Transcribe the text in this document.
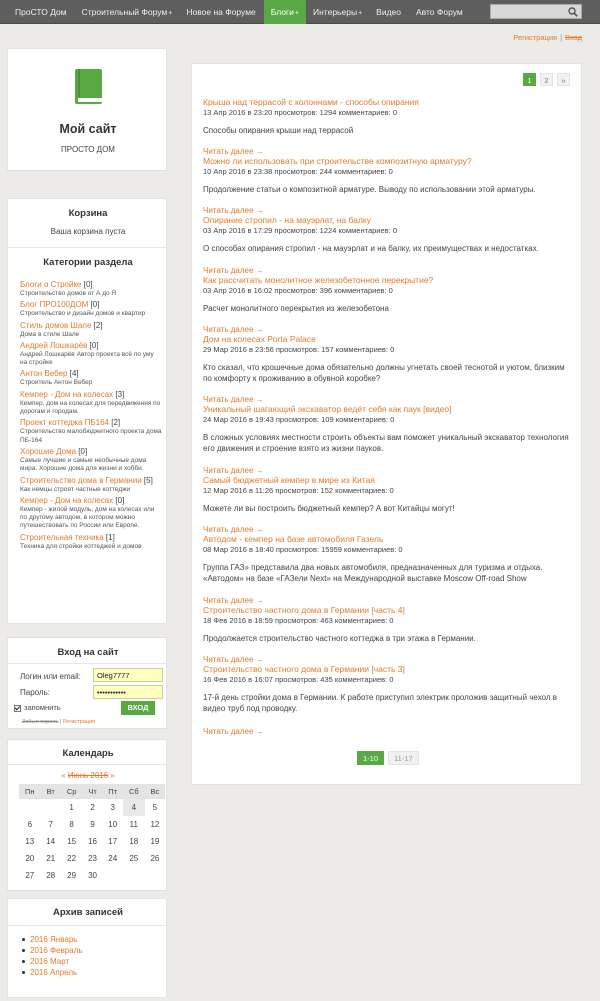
ПроСТО Дом	Строительный Форум+	Новое на Форуме	Блоги+	Интерьеры+	Видео	Авто Форум
Регистрация | Вход
Мой сайт
ПРОСТО ДОМ
Корзина
Ваша корзина пуста
Категории раздела
Блоги о Стройке [0]
Строительство домов от А до Я
Блог ПРО100ДОМ [0]
Строительство и дизайн домов и квартир
Стиль домов Шале [2]
Дома в стиле Шале
Андрей Лошкарёв [0]
Андрей Лошкарёв Автор проекта всё по уму на стройке
Антон Вебер [4]
Строитель Антон Вебер
Кемпер - Дом на колесах [3]
Кемпер, дом на колесах для передвижения по дорогам и городам.
Проект коттеджа ПБ164 [2]
Строительство малобюджетного проекта дома ПБ-164
Хорошие Дома [0]
Самые лучшие и самые необычные дома мира. Хорошие дома для жизни и хобби.
Строительство дома в Германии [5]
Как немцы строят частные коттеджи
Кемпер - Дом на колесах [0]
Кемпер - жилой модуль, дом на колесах или по другому автодом, в котором можно путешествовать по России или Европе.
Строительная техника [1]
Техника для стройки коттеджей и домов
Вход на сайт
Логин или email:
Oleg7777
Пароль:
•••••••••••
запомнить	ВХОД
Забыл пароль | Регистрация
Календарь
« Июнь 2016 »
Пн	Вт	Ср	Чт	Пт	Сб	Вс
		1	2	3	4	5
6	7	8	9	10	11	12
13	14	15	16	17	18	19
20	21	22	23	24	25	26
27	28	29	30			
Архив записей
2016 Январь
2016 Февраль
2016 Март
2016 Апрель
1	2	»
Крыша над террасой с колоннами - способы опирания
13 Апр 2016 в 23:20 просмотров: 1294 комментариев: 0
Способы опирания крыши над террасой
Читать далее →
Можно ли использовать при строительстве композитную арматуру?
10 Апр 2016 в 23:38 просмотров: 244 комментариев: 0
Продолжение статьи о композитной арматуре. Выводу по использовании этой арматуры.
Читать далее →
Опирание стропил - на мауэрлат, на балку
03 Апр 2016 в 17:29 просмотров: 1224 комментариев: 0
О способах опирания стропил - на мауэрлат и на балку, их преимуществах и недостатках.
Читать далее →
Как рассчитать монолитное железобетонное перекрытие?
03 Апр 2016 в 16:02 просмотров: 396 комментариев: 0
Расчет монолитного перекрытия из железобетона
Читать далее →
Дом на колесах Porta Palace
29 Мар 2016 в 23:56 просмотров: 157 комментариев: 0
Кто сказал, что крошечные дома обязательно должны угнетать своей теснотой и уютом, близким по комфорту к проживанию в обувной коробке?
Читать далее →
Уникальный шагающий экскаватор ведёт себя как паук [видео]
24 Мар 2016 в 19:43 просмотров: 109 комментариев: 0
В сложных условиях местности строить объекты вам поможет уникальный экскаватор технология его движения и строение взято из жизни пауков.
Читать далее →
Самый бюджетный кемпер в мире из Китая
12 Мар 2016 в 11:26 просмотров: 152 комментариев: 0
Можете ли вы построить бюджетный кемпер? А вот Китайцы могут!
Читать далее →
Автодом - кемпер на базе автомобиля Газель
08 Мар 2016 в 18:40 просмотров: 15959 комментариев: 0
Группа ГАЗ» представила два новых автомобиля, предназначенных для туризма и отдыха. «Автодом» на базе «ГАЗели Next» на Международной выставке Moscow Off-road Show
Читать далее →
Строительство частного дома в Германии [часть 4]
18 Фев 2016 в 18:59 просмотров: 463 комментариев: 0
Продолжается строительство частного коттеджа в три этажа в Германии.
Читать далее →
Строительство частного дома в Германии [часть 3]
16 Фев 2016 в 16:07 просмотров: 435 комментариев: 0
17-й день стройки дома в Германии. К работе приступил электрик проложив защитный чехол в видео труб под проводку.
Читать далее →
1-10	11-17
